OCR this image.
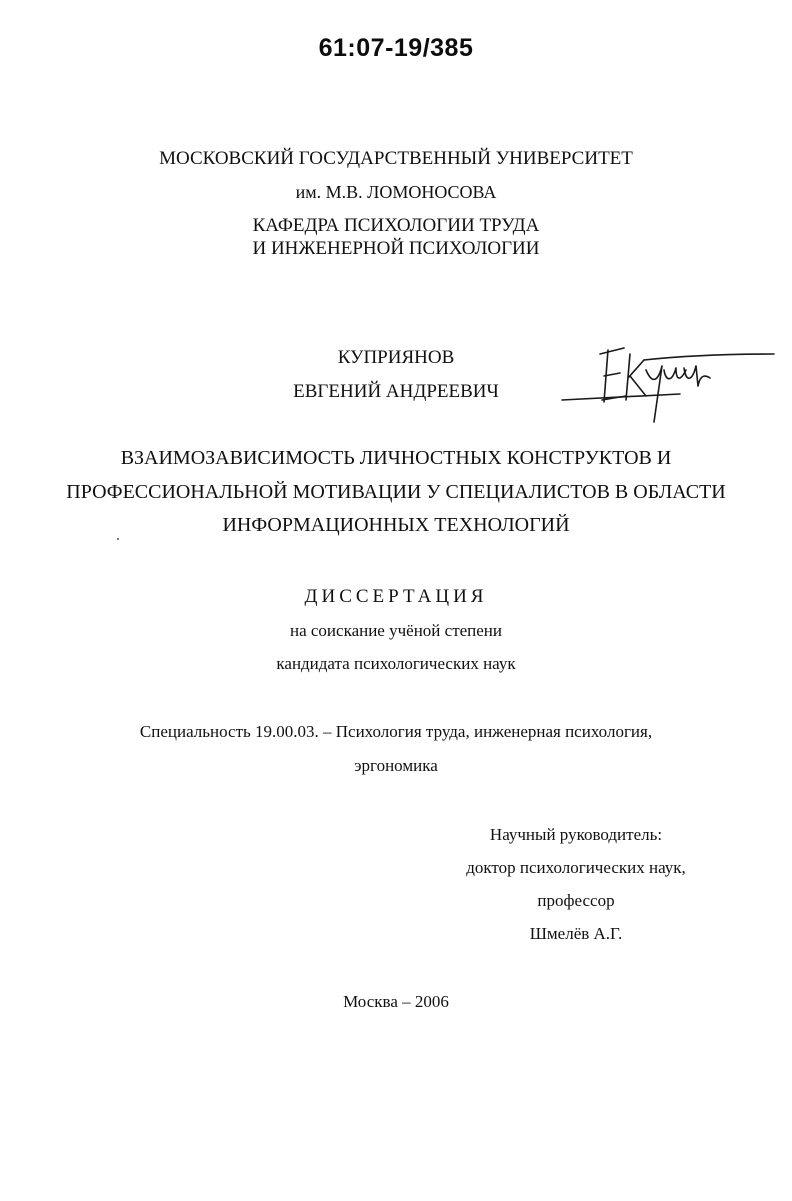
61:07-19/385

МОСКОВСКИЙ ГОСУДАРСТВЕННЫЙ УНИВЕРСИТЕТ

им. М.В. ЛОМОНОСОВА

КАФЕДРА ПСИХОЛОГИИ ТРУДА

И ИНЖЕНЕРНОЙ ПСИХОЛОГИИ

КУПРИЯНОВ

ЕВГЕНИЙ АНДРЕЕВИЧ

ВЗАИМОЗАВИСИМОСТЬ ЛИЧНОСТНЫХ КОНСТРУКТОВ И

ПРОФЕССИОНАЛЬНОЙ МОТИВАЦИИ У СПЕЦИАЛИСТОВ В ОБЛАСТИ

ИНФОРМАЦИОННЫХ ТЕХНОЛОГИЙ

ДИССЕРТАЦИЯ

на соискание учёной степени

кандидата психологических наук

Специальность 19.00.03. – Психология труда, инженерная психология,

эргономика

Научный руководитель:
доктор психологических наук,
профессор
Шмелёв А.Г.

Москва – 2006
